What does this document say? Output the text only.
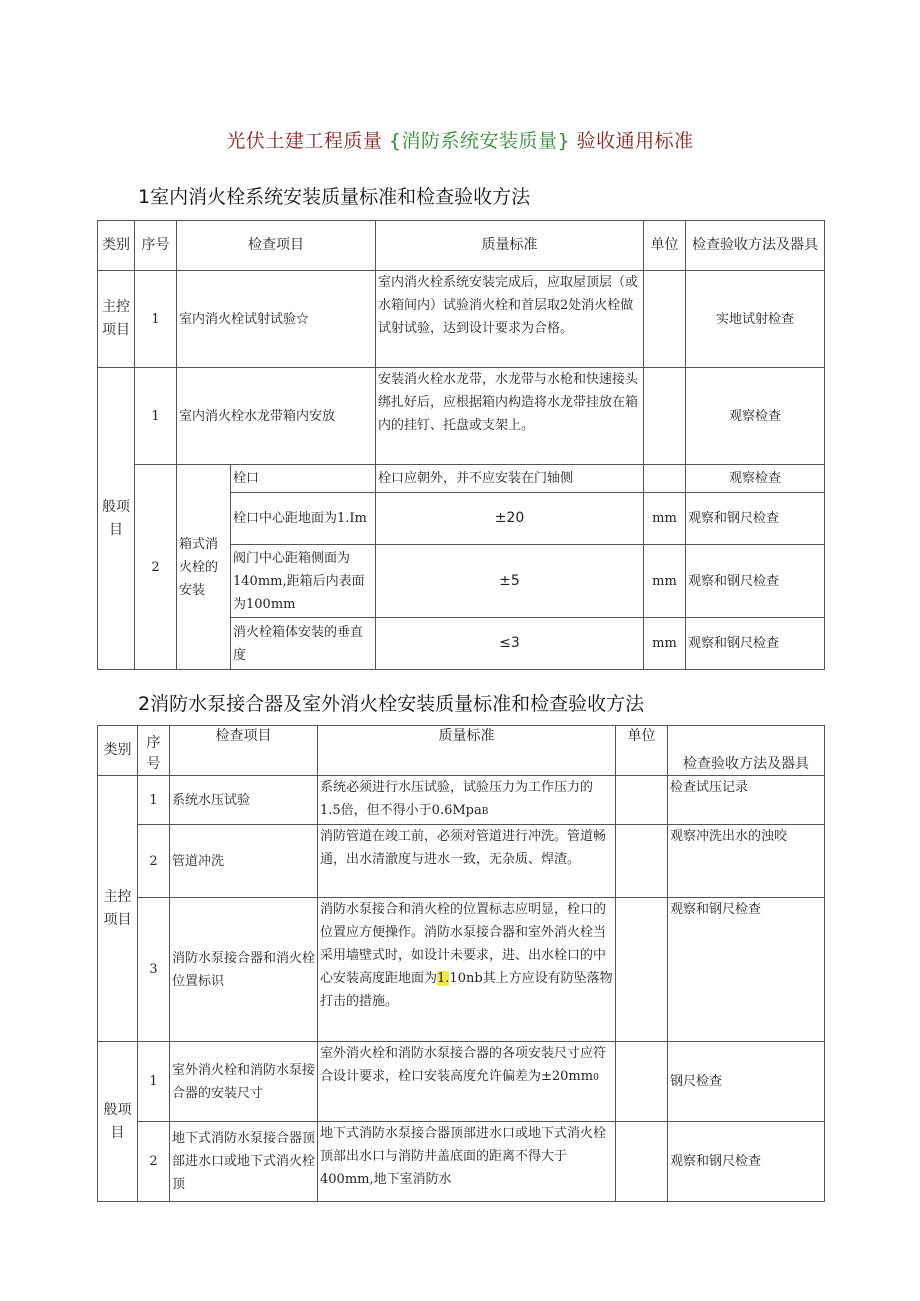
光伏土建工程质量 {消防系统安装质量} 验收通用标准
1室内消火栓系统安装质量标准和检查验收方法
类别	序号	检查项目		质量标准	单位	检查验收方法及器具
主控项目	1	室内消火栓试射试验☆		室内消火栓系统安装完成后，应取屋顶层（或水箱间内）试验消火栓和首层取2处消火栓做试射试验，达到设计要求为合格。		实地试射检查
般项目	1	室内消火栓水龙带箱内安放		安装消火栓水龙带，水龙带与水枪和快速接头绑扎好后，应根据箱内构造将水龙带挂放在箱内的挂钉、托盘或支架上。		观察检查
	2	箱式消火栓的安装	栓口	栓口应朝外，并不应安装在门轴侧		观察检查
			栓口中心距地面为1.Im	±20	mm	观察和钢尺检查
			阀门中心距箱侧面为140mm,距箱后内表面为100mm	±5	mm	观察和钢尺检查
			消火栓箱体安装的垂直度	≤3	mm	观察和钢尺检查
2消防水泵接合器及室外消火栓安装质量标准和检查验收方法
类别	序号	检查项目	质量标准	单位	检查验收方法及器具
主控项目	1	系统水压试验	系统必须进行水压试验，试验压力为工作压力的1.5倍，但不得小于0.6MpaB		检查试压记录
	2	管道冲洗	消防管道在竣工前，必须对管道进行冲洗。管道畅通，出水清澈度与进水一致，无杂质、焊渣。		观察冲洗出水的浊咬
	3	消防水泵接合器和消火栓位置标识	消防水泵接合和消火栓的位置标志应明显，栓口的位置应方便操作。消防水泵接合器和室外消火栓当采用墙壁式时，如设计未要求，进、出水栓口的中心安装高度距地面为1.10nb其上方应设有防坠落物打击的措施。		观察和钢尺检查
般项目	1	室外消火栓和消防水泵接合器的安装尺寸	室外消火栓和消防水泵接合器的各项安装尺寸应符合设计要求，栓口安装高度允许偏差为±20mm0		钢尺检查
	2	地下式消防水泵接合器顶部进水口或地下式消火栓顶	地下式消防水泵接合器顶部进水口或地下式消火栓顶部出水口与消防井盖底面的距离不得大于400mm,地下室消防水		观察和钢尺检查
